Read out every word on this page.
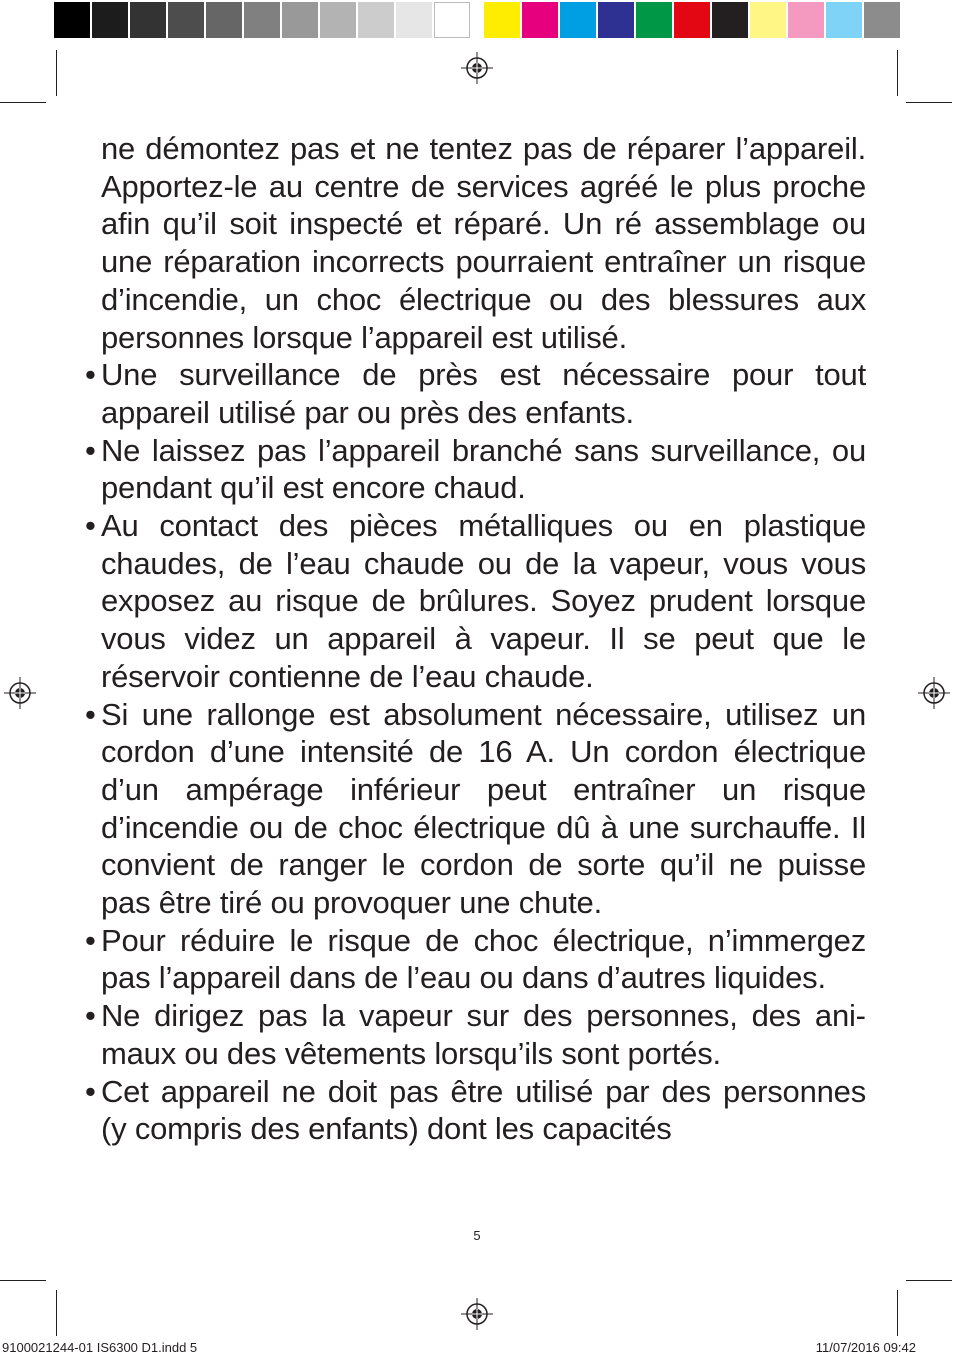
ne démontez pas et ne tentez pas de réparer l’appareil. Apportez-le au centre de services agréé le plus proche afin qu’il soit inspecté et réparé. Un ré assemblage ou une réparation incorrects pourraient entraîner un risque d’incendie, un choc électrique ou des blessures aux personnes lorsque l’appareil est utilisé.

• Une surveillance de près est nécessaire pour tout appareil utilisé par ou près des enfants.

• Ne laissez pas l’appareil branché sans surveillance, ou pendant qu’il est encore chaud.

• Au contact des pièces métalliques ou en plastique chaudes, de l’eau chaude ou de la vapeur, vous vous exposez au risque de brûlures. Soyez prudent lorsque vous videz un appareil à vapeur. Il se peut que le réservoir contienne de l’eau chaude.

• Si une rallonge est absolument nécessaire, utilisez un cordon d’une intensité de 16 A. Un cordon électrique d’un ampérage inférieur peut entraîner un risque d’incendie ou de choc électrique dû à une surchauffe. Il convient de ranger le cordon de sorte qu’il ne puisse pas être tiré ou provoquer une chute.

• Pour réduire le risque de choc électrique, n’immergez pas l’appareil dans de l’eau ou dans d’autres liquides.

• Ne dirigez pas la vapeur sur des personnes, des animaux ou des vêtements lorsqu’ils sont portés.

• Cet appareil ne doit pas être utilisé par des personnes (y compris des enfants) dont les capacités

5
9100021244-01 IS6300 D1.indd 5	11/07/2016 09:42
